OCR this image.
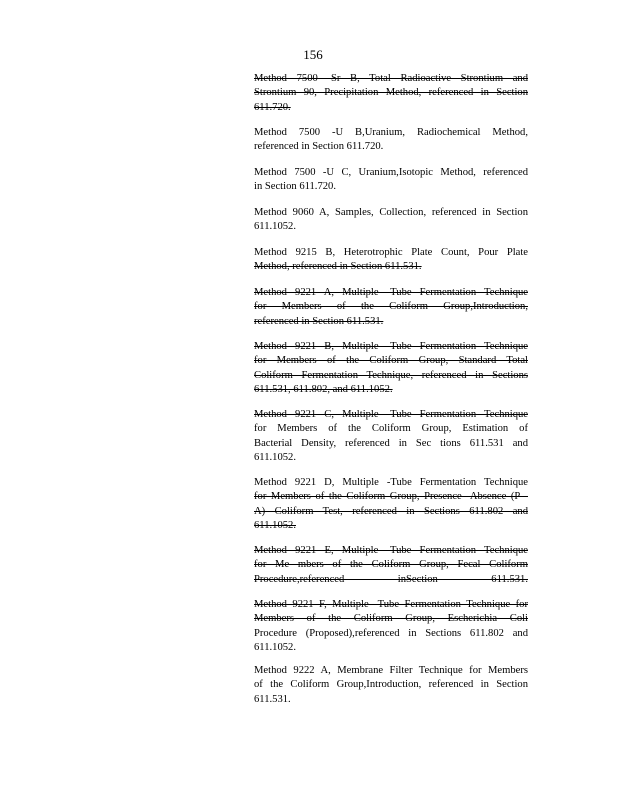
156
Method 7500 -Sr B, Total Radioactive Strontium and
Strontium 90, Precipitation Method, referenced in Section
611.720.
Method 7500 -U B,Uranium, Radiochemical Method,
referenced in Section 611.720.
Method 7500 -U C, Uranium,Isotopic Method, referenced
in Section 611.720.
Method 9060 A, Samples, Collection, referenced in Section
611.1052.
Method 9215 B, Heterotrophic Plate Count, Pour Plate
Method, referenced in Section 611.531.
Method 9221 A, Multiple -Tube Fermentation Technique
for Members of the Coliform Group,Introduction,
referenced in Section 611.531.
Method 9221 B, Multiple -Tube Fermentation Technique
for Members of the Coliform Group, Standard Total
Coliform Fermentation Technique, referenced in Sections
611.531, 611.802, and 611.1052.
Method 9221 C, Multiple -Tube Fermentation Technique
for Members of the Coliform Group, Estimation of
Bacterial Density, referenced in Sec tions 611.531 and
611.1052.
Method 9221 D, Multiple -Tube Fermentation Technique
for Members of the Coliform Group, Presence -Absence (P -
A) Coliform Test, referenced in Sections 611.802 and
611.1052.
Method 9221 E, Multiple -Tube Fermentation Technique
for Me mbers of the Coliform Group, Fecal Coliform
Procedure,referenced inSection 611.531.
Method 9221 F, Multiple -Tube Fermentation Technique for
Members of the Coliform Group, Escherichia Coli
Procedure (Proposed),referenced in Sections 611.802 and
611.1052.
Method 9222 A, Membrane Filter Technique for Members
of the Coliform Group,Introduction, referenced in Section
611.531.
